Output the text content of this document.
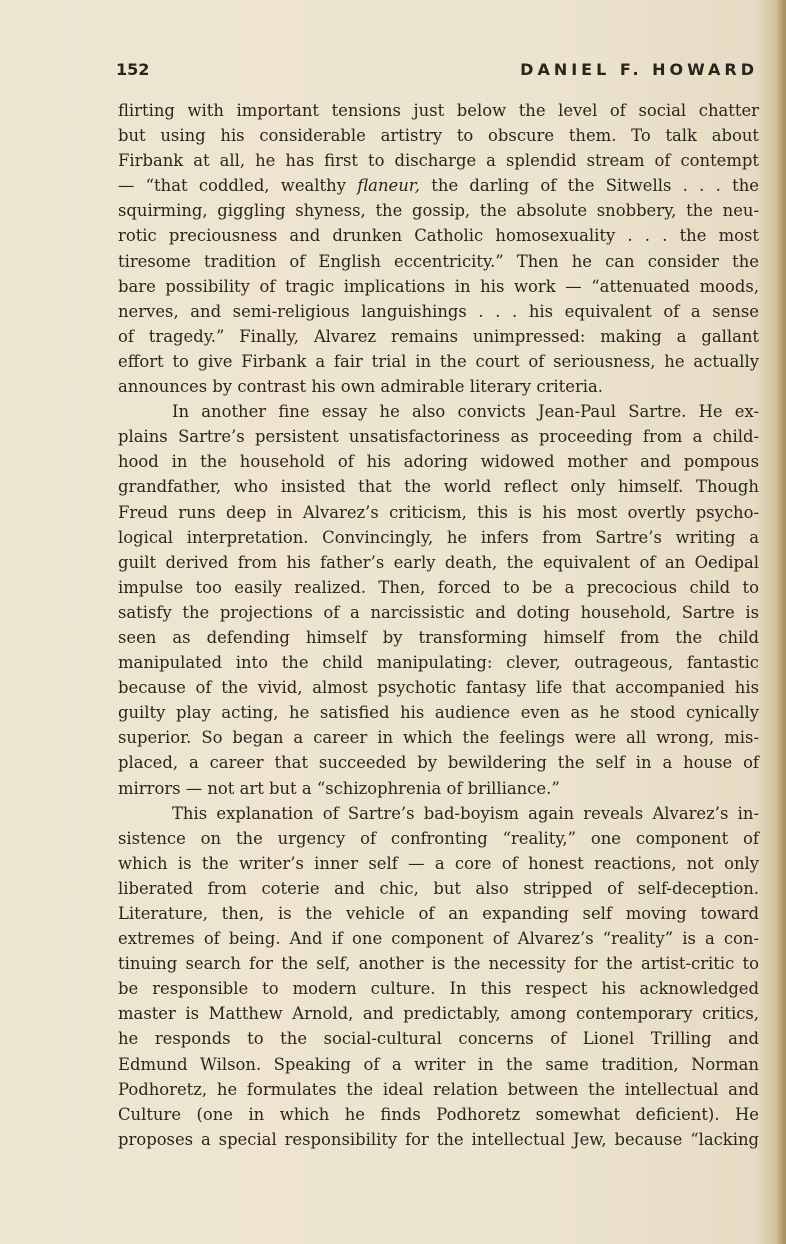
152	DANIEL F. HOWARD
flirting with important tensions just below the level of social chatter
but using his considerable artistry to obscure them. To talk about
Firbank at all, he has first to discharge a splendid stream of contempt
— “that coddled, wealthy flaneur, the darling of the Sitwells . . . the
squirming, giggling shyness, the gossip, the absolute snobbery, the neu-
rotic preciousness and drunken Catholic homosexuality . . . the most
tiresome tradition of English eccentricity.” Then he can consider the
bare possibility of tragic implications in his work — “attenuated moods,
nerves, and semi-religious languishings . . . his equivalent of a sense
of tragedy.” Finally, Alvarez remains unimpressed: making a gallant
effort to give Firbank a fair trial in the court of seriousness, he actually
announces by contrast his own admirable literary criteria.
In another fine essay he also convicts Jean-Paul Sartre. He ex-
plains Sartre’s persistent unsatisfactoriness as proceeding from a child-
hood in the household of his adoring widowed mother and pompous
grandfather, who insisted that the world reflect only himself. Though
Freud runs deep in Alvarez’s criticism, this is his most overtly psycho-
logical interpretation. Convincingly, he infers from Sartre’s writing a
guilt derived from his father’s early death, the equivalent of an Oedipal
impulse too easily realized. Then, forced to be a precocious child to
satisfy the projections of a narcissistic and doting household, Sartre is
seen as defending himself by transforming himself from the child
manipulated into the child manipulating: clever, outrageous, fantastic
because of the vivid, almost psychotic fantasy life that accompanied his
guilty play acting, he satisfied his audience even as he stood cynically
superior. So began a career in which the feelings were all wrong, mis-
placed, a career that succeeded by bewildering the self in a house of
mirrors — not art but a “schizophrenia of brilliance.”
This explanation of Sartre’s bad-boyism again reveals Alvarez’s in-
sistence on the urgency of confronting “reality,” one component of
which is the writer’s inner self — a core of honest reactions, not only
liberated from coterie and chic, but also stripped of self-deception.
Literature, then, is the vehicle of an expanding self moving toward
extremes of being. And if one component of Alvarez’s “reality” is a con-
tinuing search for the self, another is the necessity for the artist-critic to
be responsible to modern culture. In this respect his acknowledged
master is Matthew Arnold, and predictably, among contemporary critics,
he responds to the social-cultural concerns of Lionel Trilling and
Edmund Wilson. Speaking of a writer in the same tradition, Norman
Podhoretz, he formulates the ideal relation between the intellectual and
Culture (one in which he finds Podhoretz somewhat deficient). He
proposes a special responsibility for the intellectual Jew, because “lacking
